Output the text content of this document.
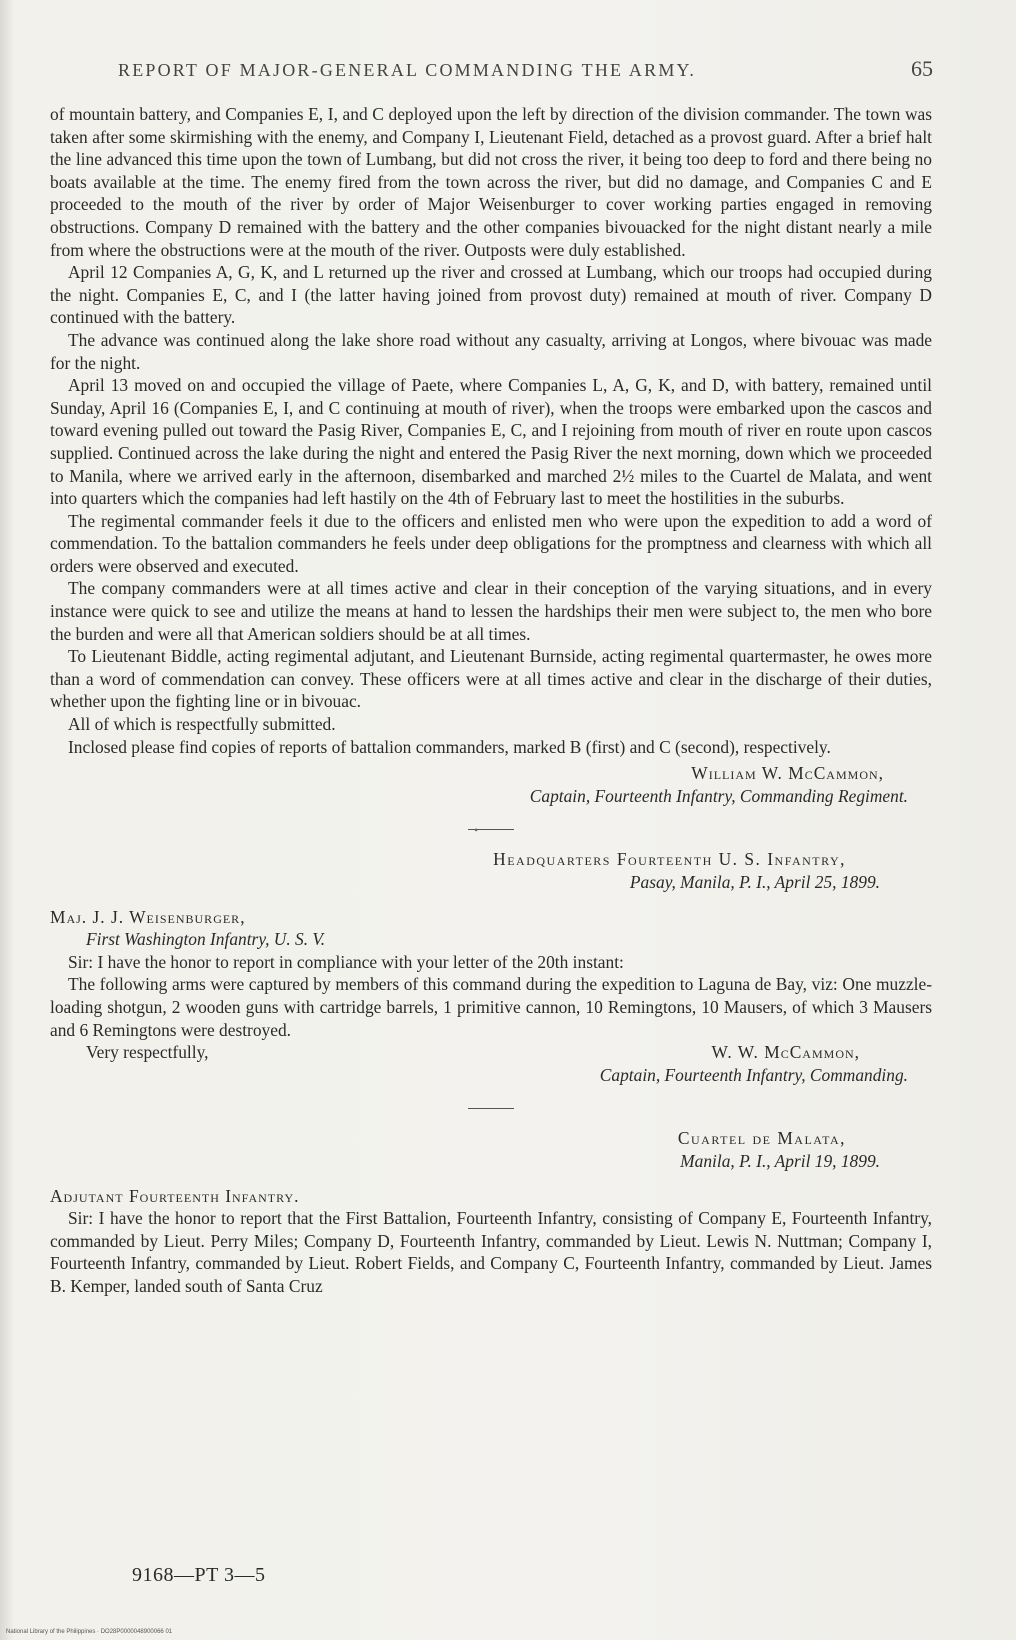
REPORT OF MAJOR-GENERAL COMMANDING THE ARMY.	65

of mountain battery, and Companies E, I, and C deployed upon the left by direction of the division commander. The town was taken after some skirmishing with the enemy, and Company I, Lieutenant Field, detached as a provost guard. After a brief halt the line advanced this time upon the town of Lumbang, but did not cross the river, it being too deep to ford and there being no boats available at the time. The enemy fired from the town across the river, but did no damage, and Companies C and E proceeded to the mouth of the river by order of Major Weisenburger to cover working parties engaged in removing obstructions. Company D remained with the battery and the other companies bivouacked for the night distant nearly a mile from where the obstructions were at the mouth of the river. Outposts were duly established.

April 12 Companies A, G, K, and L returned up the river and crossed at Lumbang, which our troops had occupied during the night. Companies E, C, and I (the latter having joined from provost duty) remained at mouth of river. Company D continued with the battery.

The advance was continued along the lake shore road without any casualty, arriving at Longos, where bivouac was made for the night.

April 13 moved on and occupied the village of Paete, where Companies L, A, G, K, and D, with battery, remained until Sunday, April 16 (Companies E, I, and C continuing at mouth of river), when the troops were embarked upon the cascos and toward evening pulled out toward the Pasig River, Companies E, C, and I rejoining from mouth of river en route upon cascos supplied. Continued across the lake during the night and entered the Pasig River the next morning, down which we proceeded to Manila, where we arrived early in the afternoon, disembarked and marched 2½ miles to the Cuartel de Malata, and went into quarters which the companies had left hastily on the 4th of February last to meet the hostilities in the suburbs.

The regimental commander feels it due to the officers and enlisted men who were upon the expedition to add a word of commendation. To the battalion commanders he feels under deep obligations for the promptness and clearness with which all orders were observed and executed.

The company commanders were at all times active and clear in their conception of the varying situations, and in every instance were quick to see and utilize the means at hand to lessen the hardships their men were subject to, the men who bore the burden and were all that American soldiers should be at all times.

To Lieutenant Biddle, acting regimental adjutant, and Lieutenant Burnside, acting regimental quartermaster, he owes more than a word of commendation can convey. These officers were at all times active and clear in the discharge of their duties, whether upon the fighting line or in bivouac.

All of which is respectfully submitted.

Inclosed please find copies of reports of battalion commanders, marked B (first) and C (second), respectively.

William W. McCammon,
Captain, Fourteenth Infantry, Commanding Regiment.
•
Headquarters Fourteenth U. S. Infantry,
Pasay, Manila, P. I., April 25, 1899.
Maj. J. J. Weisenburger,
First Washington Infantry, U. S. V.

Sir: I have the honor to report in compliance with your letter of the 20th instant:

The following arms were captured by members of this command during the expedition to Laguna de Bay, viz: One muzzle-loading shotgun, 2 wooden guns with cartridge barrels, 1 primitive cannon, 10 Remingtons, 10 Mausers, of which 3 Mausers and 6 Remingtons were destroyed.

Very respectfully,	W. W. McCammon,
Captain, Fourteenth Infantry, Commanding.
Cuartel de Malata,
Manila, P. I., April 19, 1899.
Adjutant Fourteenth Infantry.

Sir: I have the honor to report that the First Battalion, Fourteenth Infantry, consisting of Company E, Fourteenth Infantry, commanded by Lieut. Perry Miles; Company D, Fourteenth Infantry, commanded by Lieut. Lewis N. Nuttman; Company I, Fourteenth Infantry, commanded by Lieut. Robert Fields, and Company C, Fourteenth Infantry, commanded by Lieut. James B. Kemper, landed south of Santa Cruz

9168—PT 3—5
National Library of the Philippines · DO28P0000048900066 01
